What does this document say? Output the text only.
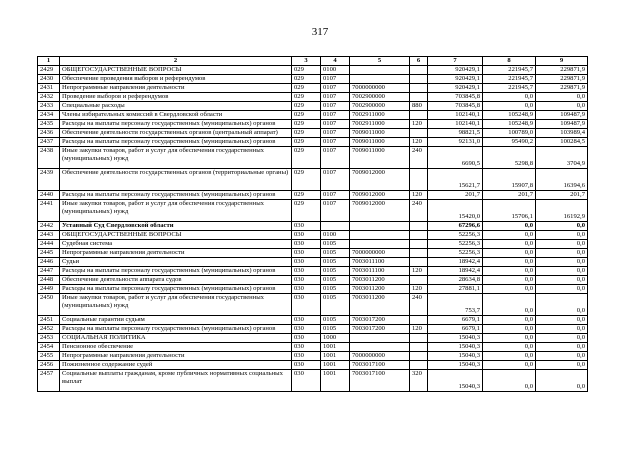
317
1	2	3	4	5	6	7	8	9
2429	ОБЩЕГОСУДАРСТВЕННЫЕ ВОПРОСЫ	029	0100			920429,1	221945,7	229871,9
2430	Обеспечение проведения выборов и референдумов	029	0107			920429,1	221945,7	229871,9
2431	Непрограммные направления деятельности	029	0107	7000000000		920429,1	221945,7	229871,9
2432	Проведение выборов и референдумов	029	0107	7002900000		703845,8	0,0	0,0
2433	Специальные расходы	029	0107	7002900000	880	703845,8	0,0	0,0
2434	Члены избирательных комиссий в Свердловской области	029	0107	7002911000		102140,1	105248,9	109487,9
2435	Расходы на выплаты персоналу государственных (муниципальных) органов	029	0107	7002911000	120	102140,1	105248,9	109487,9
2436	Обеспечение деятельности государственных органов (центральный аппарат)	029	0107	7009011000		98821,5	100789,0	103989,4
2437	Расходы на выплаты персоналу государственных (муниципальных) органов	029	0107	7009011000	120	92131,0	95490,2	100284,5
2438	Иные закупки товаров, работ и услуг для обеспечения государственных (муниципальных) нужд	029	0107	7009011000	240	6690,5	5298,8	3704,9
2439	Обеспечение деятельности государственных органов (территориальные органы)	029	0107	7009012000		15621,7	15907,8	16394,6
2440	Расходы на выплаты персоналу государственных (муниципальных) органов	029	0107	7009012000	120	201,7	201,7	201,7
2441	Иные закупки товаров, работ и услуг для обеспечения государственных (муниципальных) нужд	029	0107	7009012000	240	15420,0	15706,1	16192,9
2442	Уставный Суд Свердловской области	030				67296,6	0,0	0,0
2443	ОБЩЕГОСУДАРСТВЕННЫЕ ВОПРОСЫ	030	0100			52256,3	0,0	0,0
2444	Судебная система	030	0105			52256,3	0,0	0,0
2445	Непрограммные направления деятельности	030	0105	7000000000		52256,3	0,0	0,0
2446	Судьи	030	0105	7003011100		18942,4	0,0	0,0
2447	Расходы на выплаты персоналу государственных (муниципальных) органов	030	0105	7003011100	120	18942,4	0,0	0,0
2448	Обеспечение деятельности аппарата судов	030	0105	7003011200		28634,8	0,0	0,0
2449	Расходы на выплаты персоналу государственных (муниципальных) органов	030	0105	7003011200	120	27881,1	0,0	0,0
2450	Иные закупки товаров, работ и услуг для обеспечения государственных (муниципальных) нужд	030	0105	7003011200	240	753,7	0,0	0,0
2451	Социальные гарантии судьям	030	0105	7003017200		6679,1	0,0	0,0
2452	Расходы на выплаты персоналу государственных (муниципальных) органов	030	0105	7003017200	120	6679,1	0,0	0,0
2453	СОЦИАЛЬНАЯ ПОЛИТИКА	030	1000			15040,3	0,0	0,0
2454	Пенсионное обеспечение	030	1001			15040,3	0,0	0,0
2455	Непрограммные направления деятельности	030	1001	7000000000		15040,3	0,0	0,0
2456	Пожизненное содержание судей	030	1001	7003017100		15040,3	0,0	0,0
2457	Социальные выплаты гражданам, кроме публичных нормативных социальных выплат	030	1001	7003017100	320	15040,3	0,0	0,0
